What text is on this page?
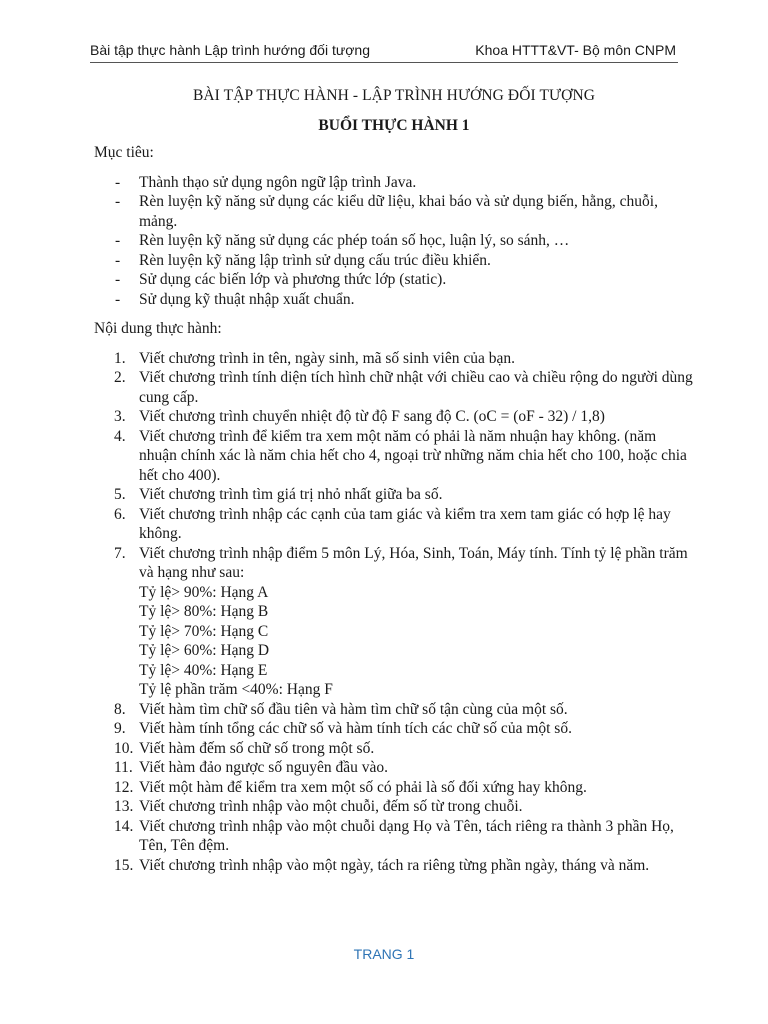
Bài tập thực hành Lập trình hướng đối tượng	Khoa HTTT&VT- Bộ môn CNPM
BÀI TẬP THỰC HÀNH - LẬP TRÌNH HƯỚNG ĐỐI TƯỢNG
BUỔI THỰC HÀNH 1
Mục tiêu:
- Thành thạo sử dụng ngôn ngữ lập trình Java.
- Rèn luyện kỹ năng sử dụng các kiểu dữ liệu, khai báo và sử dụng biến, hằng, chuỗi, mảng.
- Rèn luyện kỹ năng sử dụng các phép toán số học, luận lý, so sánh, …
- Rèn luyện kỹ năng lập trình sử dụng cấu trúc điều khiển.
- Sử dụng các biến lớp và phương thức lớp (static).
- Sử dụng kỹ thuật nhập xuất chuẩn.
Nội dung thực hành:
1. Viết chương trình in tên, ngày sinh, mã số sinh viên của bạn.
2. Viết chương trình tính diện tích hình chữ nhật với chiều cao và chiều rộng do người dùng cung cấp.
3. Viết chương trình chuyển nhiệt độ từ độ F sang độ C. (oC = (oF - 32) / 1,8)
4. Viết chương trình để kiểm tra xem một năm có phải là năm nhuận hay không. (năm nhuận chính xác là năm chia hết cho 4, ngoại trừ những năm chia hết cho 100, hoặc chia hết cho 400).
5. Viết chương trình tìm giá trị nhỏ nhất giữa ba số.
6. Viết chương trình nhập các cạnh của tam giác và kiểm tra xem tam giác có hợp lệ hay không.
7. Viết chương trình nhập điểm 5 môn Lý, Hóa, Sinh, Toán, Máy tính. Tính tỷ lệ phần trăm và hạng như sau:
Tỷ lệ> 90%: Hạng A
Tỷ lệ> 80%: Hạng B
Tỷ lệ> 70%: Hạng C
Tỷ lệ> 60%: Hạng D
Tỷ lệ> 40%: Hạng E
Tỷ lệ phần trăm <40%: Hạng F
8. Viết hàm tìm chữ số đầu tiên và hàm tìm chữ số tận cùng của một số.
9. Viết hàm tính tổng các chữ số và hàm tính tích các chữ số của một số.
10. Viết hàm đếm số chữ số trong một số.
11. Viết hàm đảo ngược số nguyên đầu vào.
12. Viết một hàm để kiểm tra xem một số có phải là số đối xứng hay không.
13. Viết chương trình nhập vào một chuỗi, đếm số từ trong chuỗi.
14. Viết chương trình nhập vào một chuỗi dạng Họ và Tên, tách riêng ra thành 3 phần Họ, Tên, Tên đệm.
15. Viết chương trình nhập vào một ngày, tách ra riêng từng phần ngày, tháng và năm.
TRANG 1
